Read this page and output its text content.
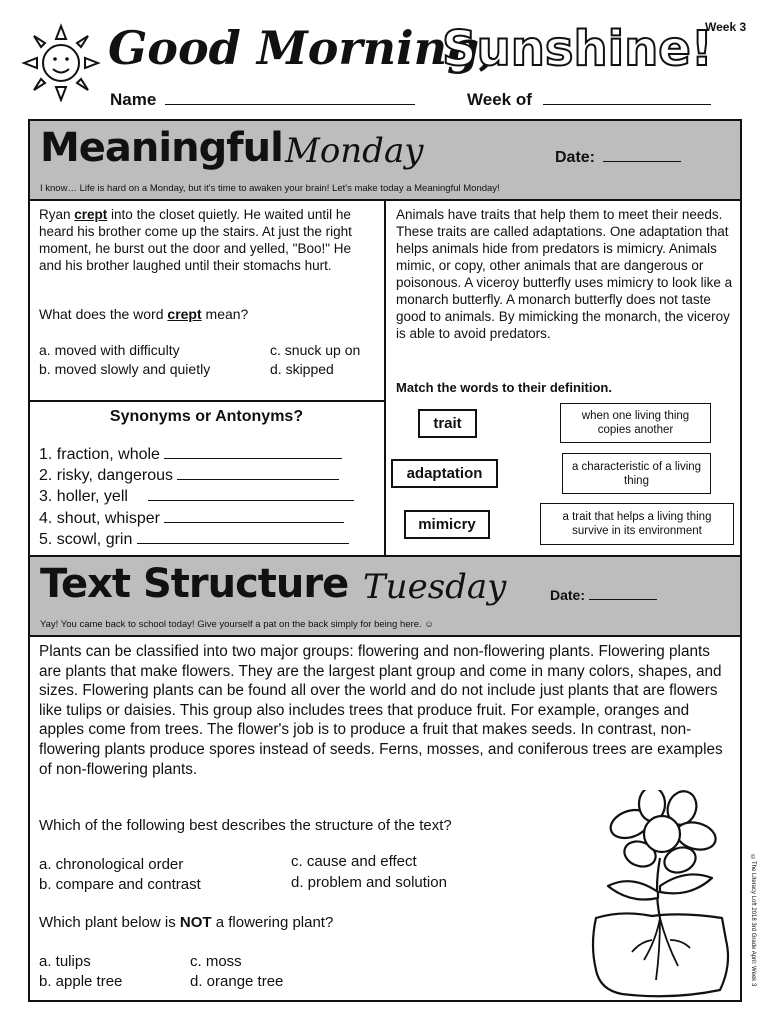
Good Morning,
Sunshine!
Week 3
Name	Week of
Meaningful Monday	Date:
I know… Life is hard on a Monday, but it's time to awaken your brain! Let's make today a Meaningful Monday!
Ryan crept into the closet quietly. He waited until he heard his brother come up the stairs. At just the right moment, he burst out the door and yelled, "Boo!" He and his brother laughed until their stomachs hurt.
What does the word crept mean?
a. moved with difficulty
b. moved slowly and quietly
c. snuck up on
d. skipped
Synonyms or Antonyms?
1. fraction, whole
2. risky, dangerous
3. holler, yell
4. shout, whisper
5. scowl, grin
Animals have traits that help them to meet their needs. These traits are called adaptations. One adaptation that helps animals hide from predators is mimicry. Animals mimic, or copy, other animals that are dangerous or poisonous. A viceroy butterfly uses mimicry to look like a monarch butterfly. A monarch butterfly does not taste good to animals. By mimicking the monarch, the viceroy is able to avoid predators.
Match the words to their definition.
trait
adaptation
mimicry
when one living thing copies another
a characteristic of a living thing
a trait that helps a living thing survive in its environment
Text Structure Tuesday	Date:
Yay! You came back to school today! Give yourself a pat on the back simply for being here. ☺
Plants can be classified into two major groups: flowering and non-flowering plants. Flowering plants are plants that make flowers. They are the largest plant group and come in many colors, shapes, and sizes. Flowering plants can be found all over the world and do not include just plants that are flowers like tulips or daisies. This group also includes trees that produce fruit. For example, oranges and apples come from trees. The flower's job is to produce a fruit that makes seeds. In contrast, non-flowering plants produce spores instead of seeds. Ferns, mosses, and coniferous trees are examples of non-flowering plants.
Which of the following best describes the structure of the text?
a. chronological order
b. compare and contrast
c. cause and effect
d. problem and solution
Which plant below is NOT a flowering plant?
a. tulips
b. apple tree
c. moss
d. orange tree	©The Literacy Loft 2018 3rd Grade April: Week 3
